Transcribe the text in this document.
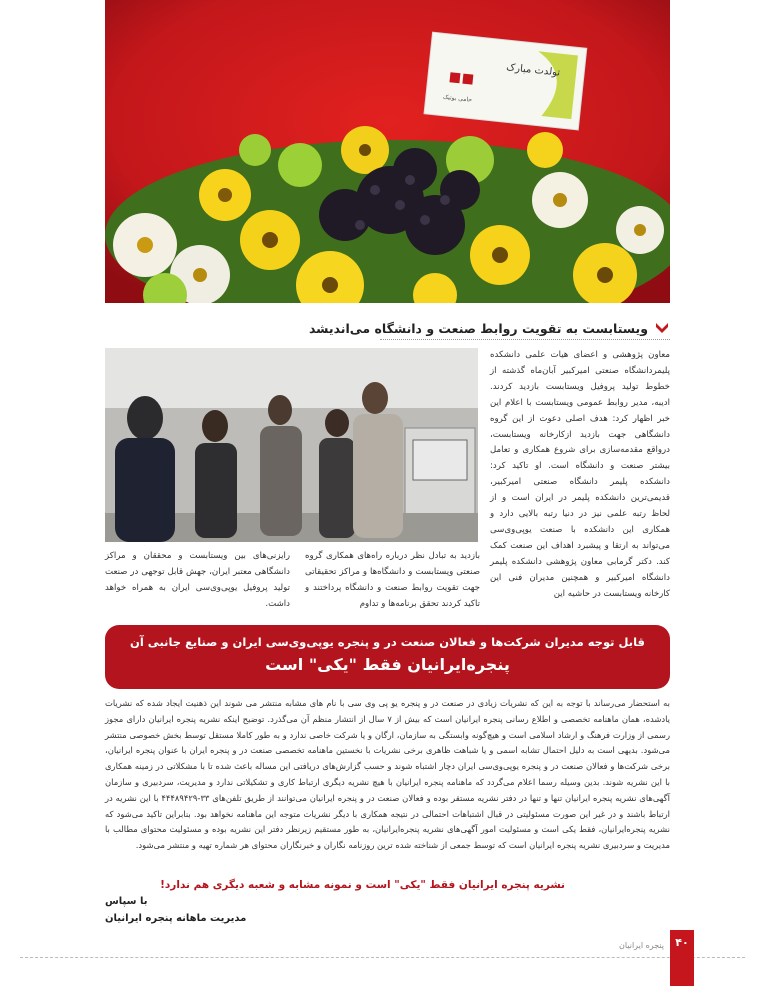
تولدت مبارک
حامی بوتیک
ویستابست به تقویت روابط صنعت و دانشگاه می‌اندیشد
معاون پژوهشی و اعضای هیات علمی دانشکده پلیمردانشگاه صنعتی امیرکبیر آبان‌ماه گذشته از خطوط تولید پروفیل ویستابست بازدید کردند. ادیبه، مدیر روابط عمومی ویستابست با اعلام این خبر اظهار کرد: هدف اصلی دعوت از این گروه دانشگاهی جهت بازدید ازکارخانه ویستابست، درواقع مقدمه‌سازی برای شروع همکاری و تعامل بیشتر صنعت و دانشگاه است. او تاکید کرد: دانشکده پلیمر دانشگاه صنعتی امیرکبیر، قدیمی‌ترین دانشکده پلیمر در ایران است و از لحاظ رتبه علمی نیز در دنیا رتبه بالایی دارد و همکاری این دانشکده با صنعت یوپی‌وی‌سی می‌تواند به ارتقا و پیشبرد اهداف این صنعت کمک کند. دکتر گرمابی معاون پژوهشی دانشکده پلیمر دانشگاه امیرکبیر و همچنین مدیران فنی این کارخانه ویستابست در حاشیه این
بازدید به تبادل نظر درباره راه‌های همکاری گروه صنعتی ویستابست و دانشگاه‌ها و مراکز تحقیقاتی جهت تقویت روابط صنعت و دانشگاه پرداختند و تاکید کردند تحقق برنامه‌ها و تداوم
رایزنی‌های بین ویستابست و محققان و مراکز دانشگاهی معتبر ایران، جهش قابل توجهی در صنعت تولید پروفیل یوپی‌وی‌سی ایران به همراه خواهد داشت.
قابل توجه مدیران شرکت‌ها و فعالان صنعت در و پنجره یوپی‌وی‌سی ایران و صنایع جانبی آن
پنجره‌ایرانیان فقط "یکی" است
به استحضار می‌رساند با توجه به این که نشریات زیادی در صنعت در و پنجره یو پی وی سی با نام های مشابه منتشر می شوند این ذهنیت ایجاد شده که نشریات یادشده، همان ماهنامه تخصصی و اطلاع رسانی پنجره ایرانیان است که بیش از ۷ سال از انتشار منظم آن می‌گذرد. توضیح اینکه نشریه پنجره ایرانیان دارای مجوز رسمی از وزارت فرهنگ و ارشاد اسلامی است و هیچ‌گونه وابستگی به سازمان، ارگان و یا شرکت خاصی ندارد و به طور کاملا مستقل توسط بخش خصوصی منتشر می‌شود. بدیهی است به دلیل احتمال تشابه اسمی و یا شباهت ظاهری برخی نشریات با نخستین ماهنامه تخصصی صنعت در و پنجره ایران با عنوان پنجره ایرانیان، برخی شرکت‌ها و فعالان صنعت در و پنجره یوپی‌وی‌سی ایران دچار اشتباه شوند و حسب گزارش‌های دریافتی این مساله باعث شده تا با مشکلاتی در زمینه همکاری با این نشریه شوند. بدین وسیله رسما اعلام می‌گردد که ماهنامه پنجره ایرانیان با هیچ نشریه دیگری ارتباط کاری و تشکیلاتی ندارد و مدیریت، سردبیری و سازمان آگهی‌های نشریه پنجره ایرانیان تنها و تنها در دفتر نشریه مستقر بوده و فعالان صنعت در و پنجره ایرانیان می‌توانند از طریق تلفن‌های ۳۳-۴۴۴۸۹۴۲۹ با این نشریه در ارتباط باشند و در غیر این صورت مسئولیتی در قبال اشتباهات احتمالی در نتیجه همکاری با دیگر نشریات متوجه این ماهنامه نخواهد بود. بنابراین تاکید می‌شود که نشریه پنجره‌ایرانیان، فقط یکی است و مسئولیت امور آگهی‌های نشریه پنجره‌ایرانیان، به طور مستقیم زیرنظر دفتر این نشریه بوده و مسئولیت محتوای مطالب با مدیریت و سردبیری نشریه پنجره ایرانیان است که توسط جمعی از شناخته شده ترین روزنامه نگاران و خبرنگاران محتوای هر شماره تهیه و منتشر می‌شود.
نشریه پنجره ایرانیان فقط "یکی" است و نمونه مشابه و شعبه دیگری هم ندارد!
با سپاس
مدیریت ماهانه پنجره ایرانیان
پنجره ایرانیان	۴۰
